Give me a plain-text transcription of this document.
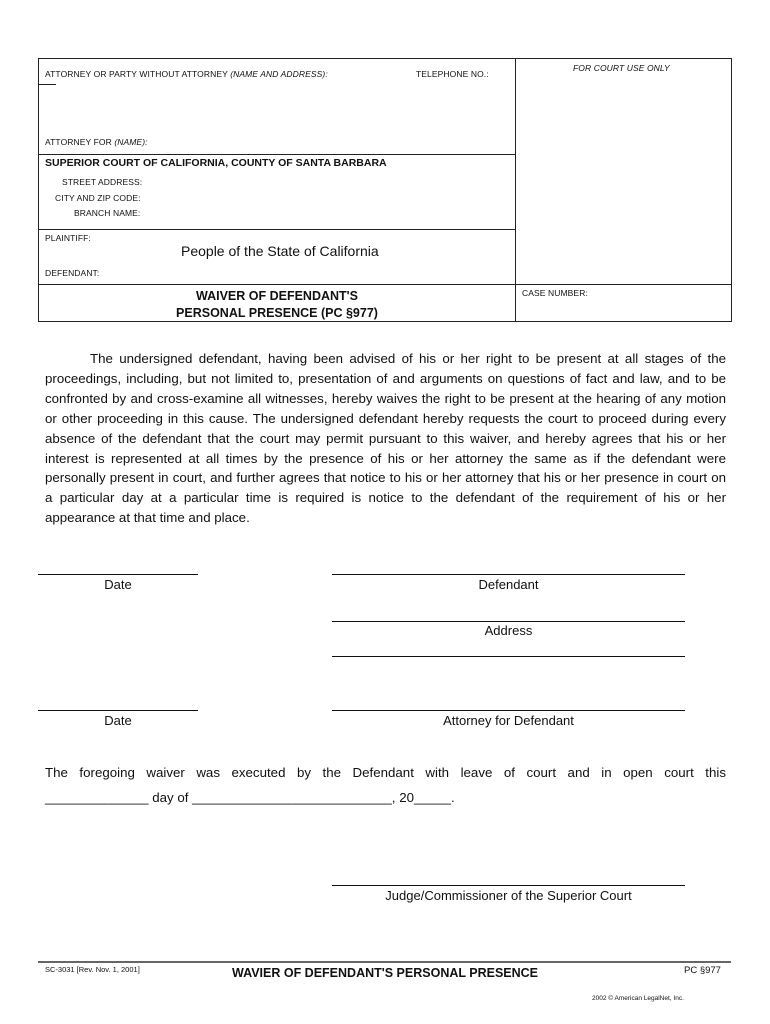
ATTORNEY OR PARTY WITHOUT ATTORNEY (NAME AND ADDRESS):	TELEPHONE NO.:
FOR COURT USE ONLY
ATTORNEY FOR (NAME):
SUPERIOR COURT OF CALIFORNIA, COUNTY OF SANTA BARBARA
STREET ADDRESS:
CITY AND ZIP CODE:
BRANCH NAME:
PLAINTIFF:
People of the State of California
DEFENDANT:
WAIVER OF DEFENDANT'S
PERSONAL PRESENCE (PC §977)
CASE NUMBER:
The undersigned defendant, having been advised of his or her right to be present at all stages of the proceedings, including, but not limited to, presentation of and arguments on questions of fact and law, and to be confronted by and cross-examine all witnesses, hereby waives the right to be present at the hearing of any motion or other proceeding in this cause. The undersigned defendant hereby requests the court to proceed during every absence of the defendant that the court may permit pursuant to this waiver, and hereby agrees that his or her interest is represented at all times by the presence of his or her attorney the same as if the defendant were personally present in court, and further agrees that notice to his or her attorney that his or her presence in court on a particular day at a particular time is required is notice to the defendant of the requirement of his or her appearance at that time and place.
Date	Defendant
Address
Date	Attorney for Defendant
The foregoing waiver was executed by the Defendant with leave of court and in open court this
______________ day of ___________________________, 20_____.
Judge/Commissioner of the Superior Court
SC-3031 [Rev. Nov. 1, 2001]	WAVIER OF DEFENDANT'S PERSONAL PRESENCE	PC §977
2002 © American LegalNet, Inc.
